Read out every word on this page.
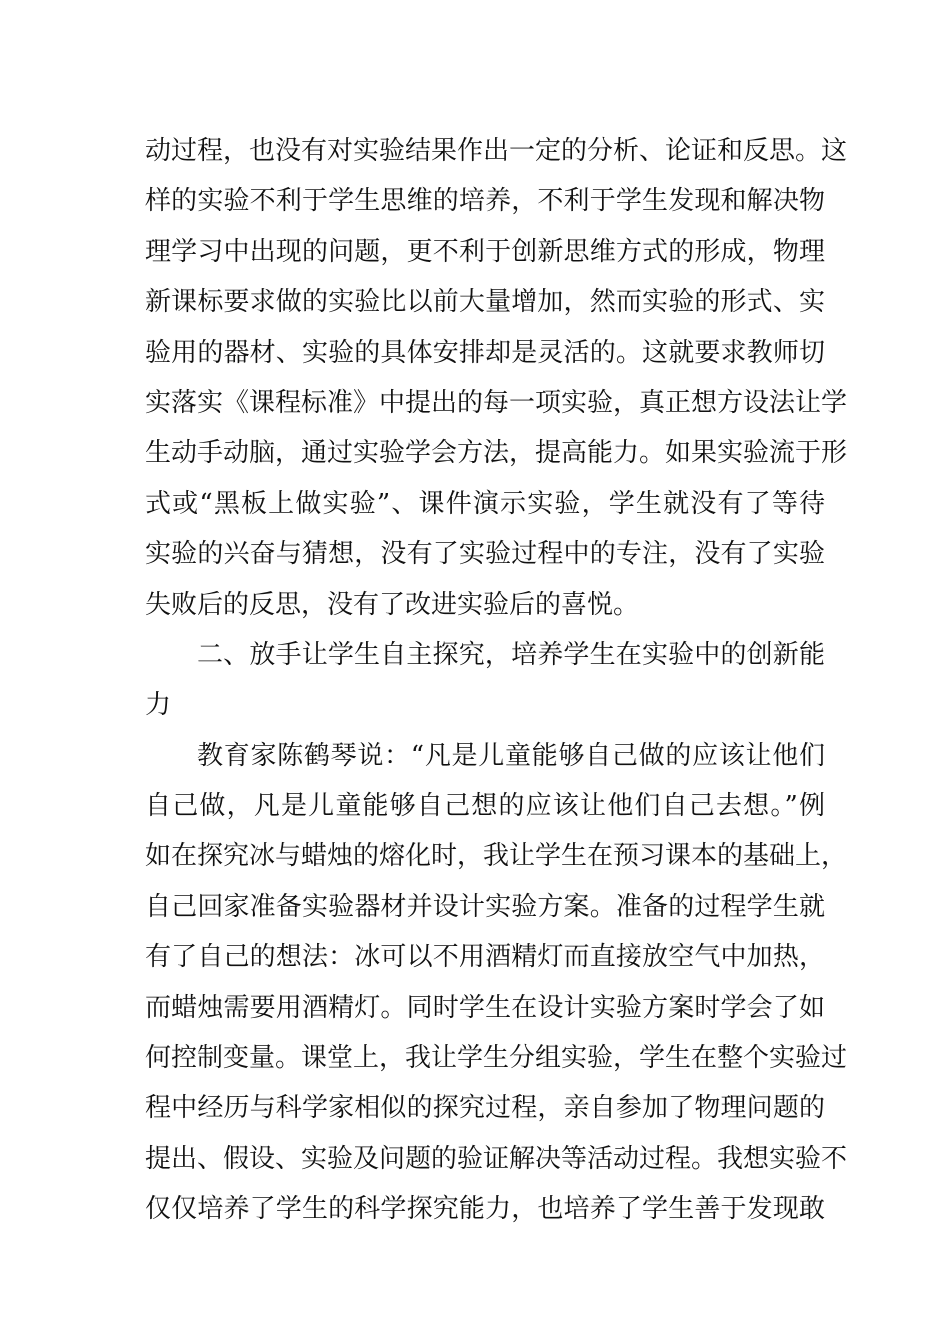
动过程，也没有对实验结果作出一定的分析、论证和反思。这
样的实验不利于学生思维的培养，不利于学生发现和解决物
理学习中出现的问题，更不利于创新思维方式的形成，物理
新课标要求做的实验比以前大量增加，然而实验的形式、实
验用的器材、实验的具体安排却是灵活的。这就要求教师切
实落实《课程标准》中提出的每一项实验，真正想方设法让学
生动手动脑，通过实验学会方法，提高能力。如果实验流于形
式或“黑板上做实验”、课件演示实验，学生就没有了等待
实验的兴奋与猜想，没有了实验过程中的专注，没有了实验
失败后的反思，没有了改进实验后的喜悦。
二、放手让学生自主探究，培养学生在实验中的创新能
力
教育家陈鹤琴说：“凡是儿童能够自己做的应该让他们
自己做，凡是儿童能够自己想的应该让他们自己去想。”例
如在探究冰与蜡烛的熔化时，我让学生在预习课本的基础上，
自己回家准备实验器材并设计实验方案。准备的过程学生就
有了自己的想法：冰可以不用酒精灯而直接放空气中加热，
而蜡烛需要用酒精灯。同时学生在设计实验方案时学会了如
何控制变量。课堂上，我让学生分组实验，学生在整个实验过
程中经历与科学家相似的探究过程，亲自参加了物理问题的
提出、假设、实验及问题的验证解决等活动过程。我想实验不
仅仅培养了学生的科学探究能力，也培养了学生善于发现敢
